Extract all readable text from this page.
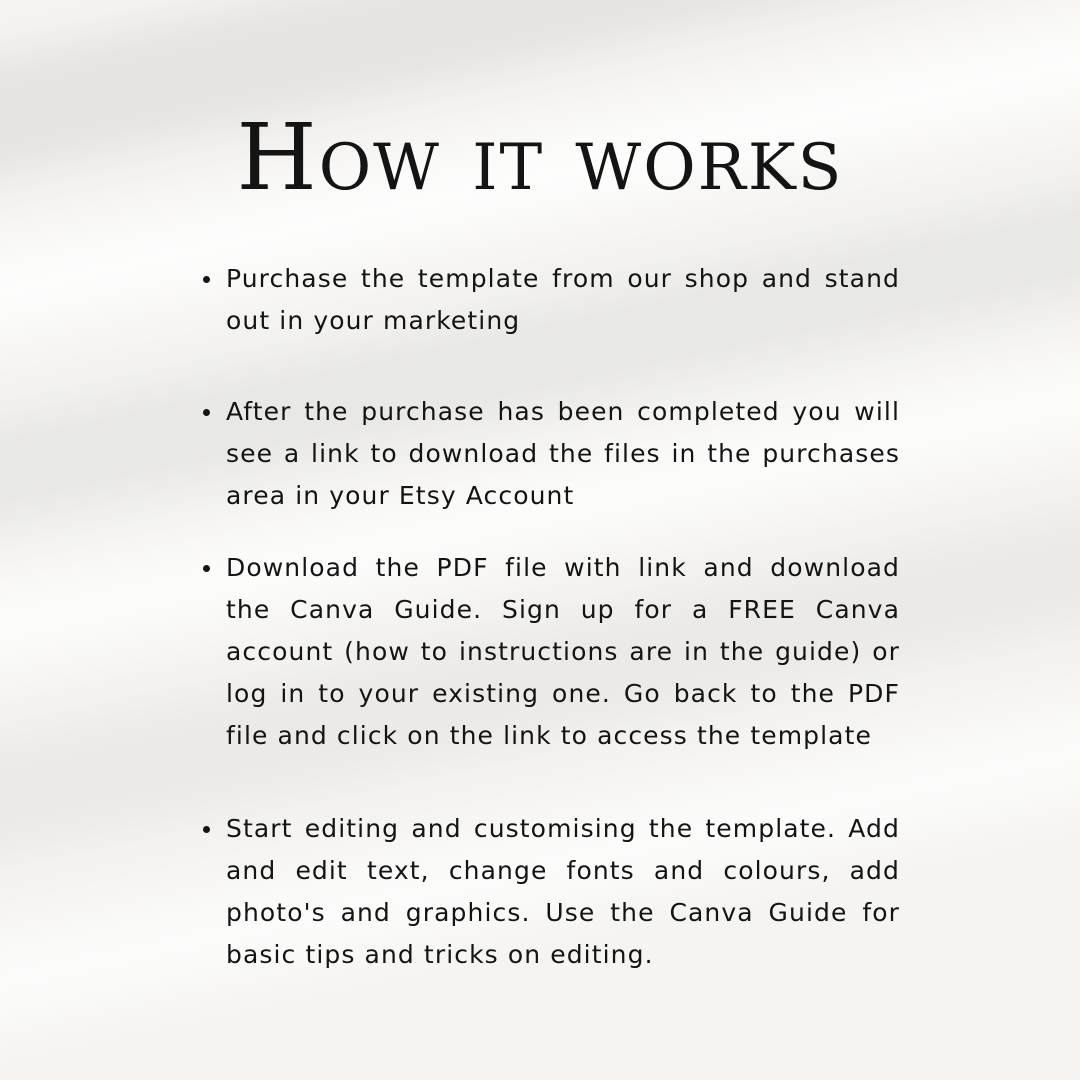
How it works
Purchase the template from our shop and stand out in your marketing
After the purchase has been completed you will see a link to download the files in the purchases area in your Etsy Account
Download the PDF file with link and download the Canva Guide. Sign up for a FREE Canva account (how to instructions are in the guide) or log in to your existing one. Go back to the PDF file and click on the link to access the template
Start editing and customising the template. Add and edit text, change fonts and colours, add photo's and graphics. Use the Canva Guide for basic tips and tricks on editing.
